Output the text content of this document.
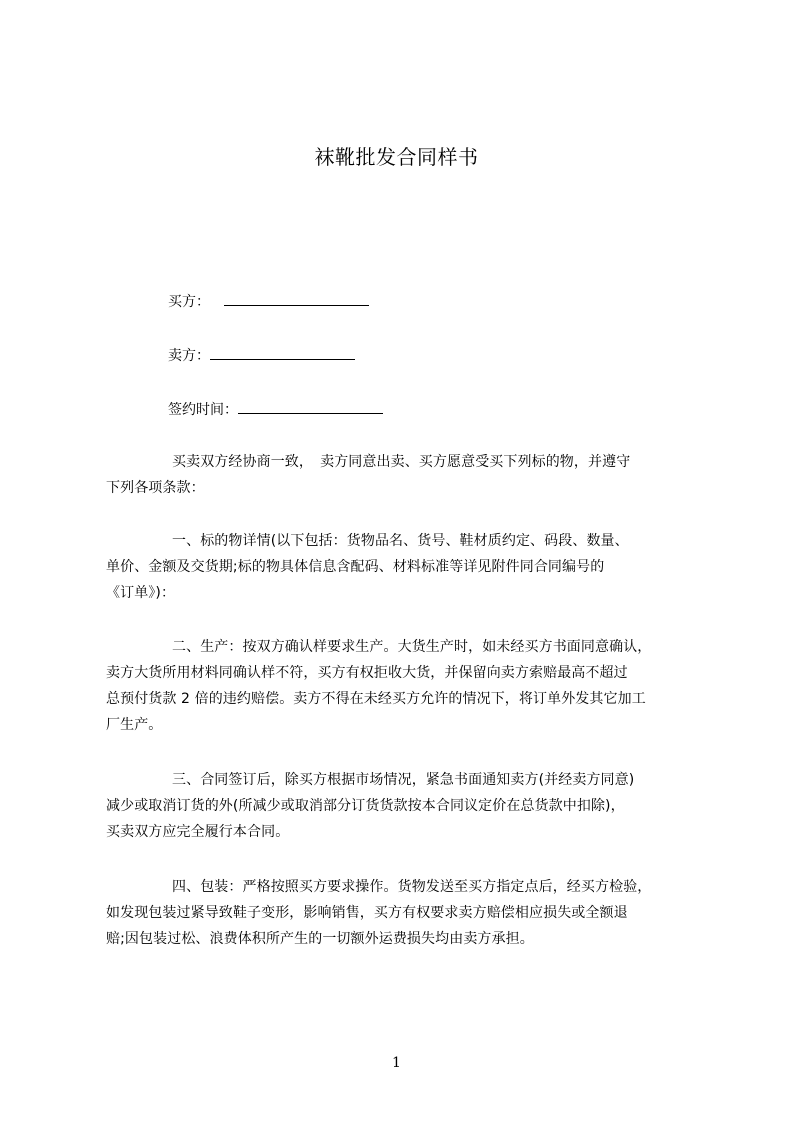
袜靴批发合同样书
买方：
卖方：
签约时间：
买卖双方经协商一致，　卖方同意出卖、买方愿意受买下列标的物，并遵守
下列各项条款：
一、标的物详情(以下包括：货物品名、货号、鞋材质约定、码段、数量、
单价、金额及交货期;标的物具体信息含配码、材料标准等详见附件同合同编号的
《订单》)：
二、生产：按双方确认样要求生产。大货生产时，如未经买方书面同意确认，
卖方大货所用材料同确认样不符，买方有权拒收大货，并保留向卖方索赔最高不超过
总预付货款 2 倍的违约赔偿。卖方不得在未经买方允许的情况下，将订单外发其它加工
厂生产。
三、合同签订后，除买方根据市场情况，紧急书面通知卖方(并经卖方同意)
减少或取消订货的外(所减少或取消部分订货货款按本合同议定价在总货款中扣除)，
买卖双方应完全履行本合同。
四、包装：严格按照买方要求操作。货物发送至买方指定点后，经买方检验，
如发现包装过紧导致鞋子变形，影响销售，买方有权要求卖方赔偿相应损失或全额退
赔;因包装过松、浪费体积所产生的一切额外运费损失均由卖方承担。
1
